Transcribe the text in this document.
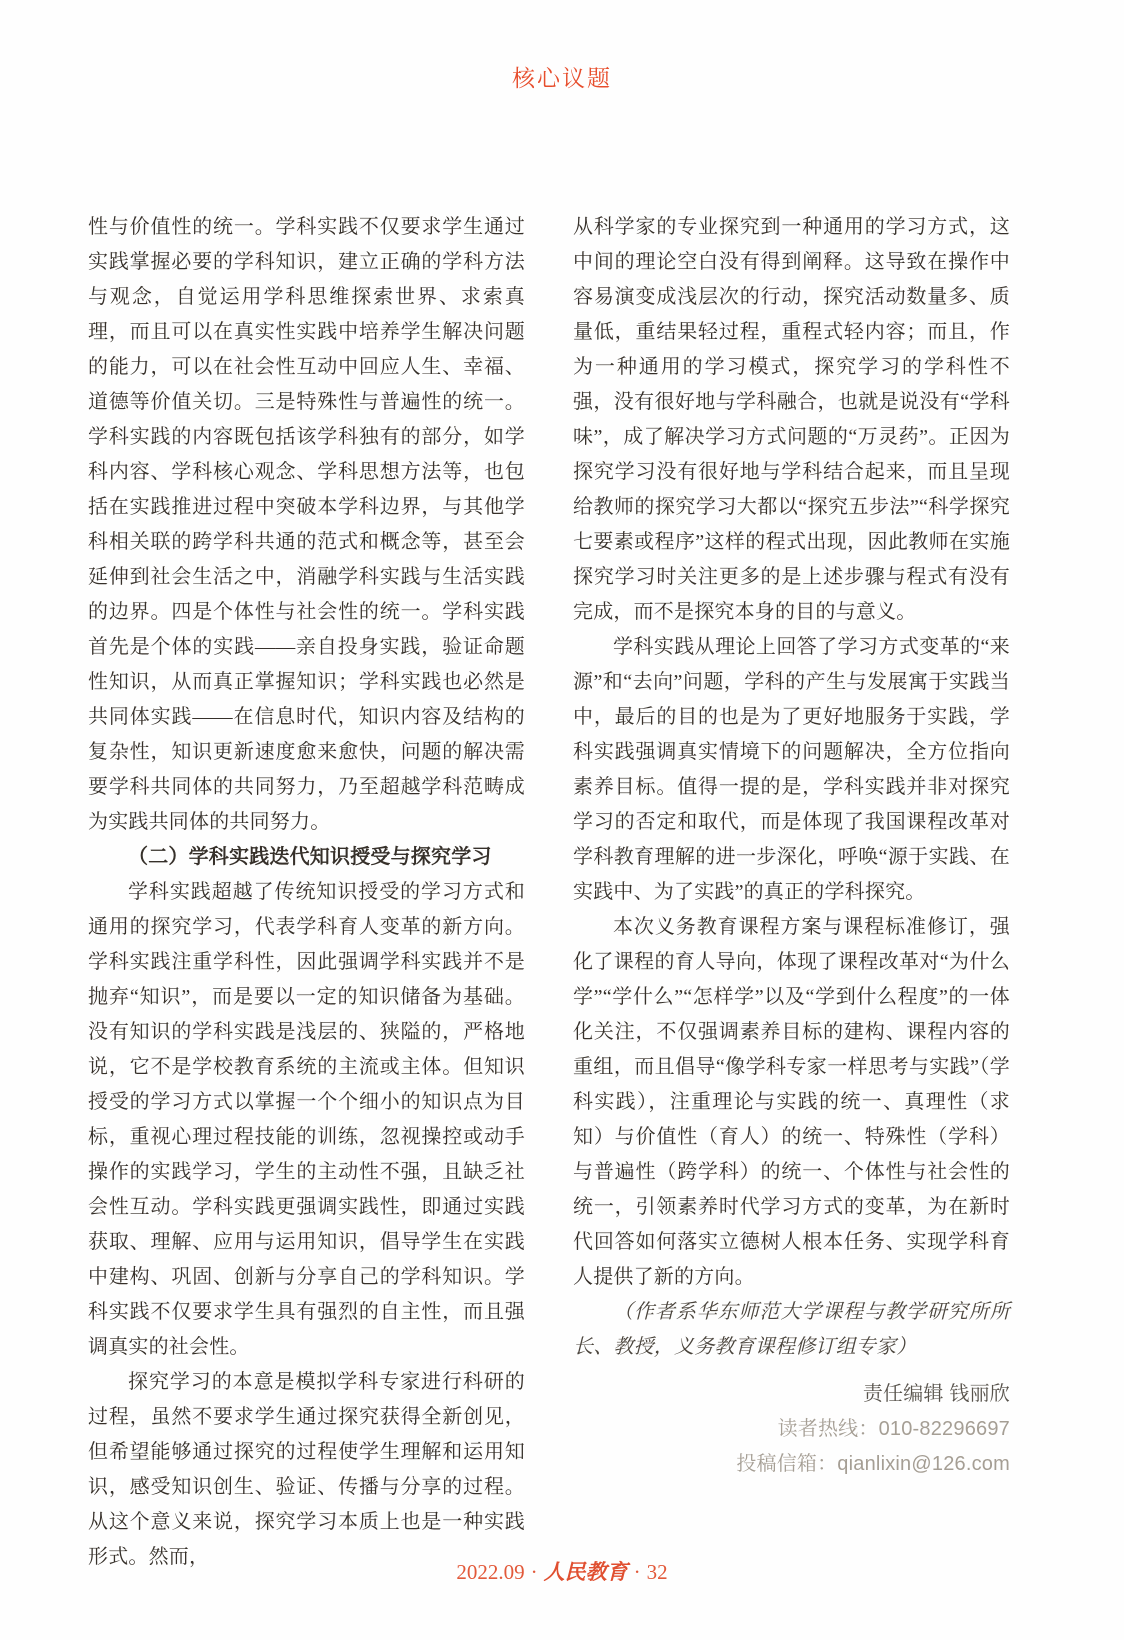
核心议题

性与价值性的统一。学科实践不仅要求学生通过实践掌握必要的学科知识，建立正确的学科方法与观念，自觉运用学科思维探索世界、求索真理，而且可以在真实性实践中培养学生解决问题的能力，可以在社会性互动中回应人生、幸福、道德等价值关切。三是特殊性与普遍性的统一。学科实践的内容既包括该学科独有的部分，如学科内容、学科核心观念、学科思想方法等，也包括在实践推进过程中突破本学科边界，与其他学科相关联的跨学科共通的范式和概念等，甚至会延伸到社会生活之中，消融学科实践与生活实践的边界。四是个体性与社会性的统一。学科实践首先是个体的实践——亲自投身实践，验证命题性知识，从而真正掌握知识；学科实践也必然是共同体实践——在信息时代，知识内容及结构的复杂性，知识更新速度愈来愈快，问题的解决需要学科共同体的共同努力，乃至超越学科范畴成为实践共同体的共同努力。

（二）学科实践迭代知识授受与探究学习

学科实践超越了传统知识授受的学习方式和通用的探究学习，代表学科育人变革的新方向。学科实践注重学科性，因此强调学科实践并不是抛弃“知识”，而是要以一定的知识储备为基础。没有知识的学科实践是浅层的、狭隘的，严格地说，它不是学校教育系统的主流或主体。但知识授受的学习方式以掌握一个个细小的知识点为目标，重视心理过程技能的训练，忽视操控或动手操作的实践学习，学生的主动性不强，且缺乏社会性互动。学科实践更强调实践性，即通过实践获取、理解、应用与运用知识，倡导学生在实践中建构、巩固、创新与分享自己的学科知识。学科实践不仅要求学生具有强烈的自主性，而且强调真实的社会性。

探究学习的本意是模拟学科专家进行科研的过程，虽然不要求学生通过探究获得全新创见，但希望能够通过探究的过程使学生理解和运用知识，感受知识创生、验证、传播与分享的过程。从这个意义来说，探究学习本质上也是一种实践形式。然而，

从科学家的专业探究到一种通用的学习方式，这中间的理论空白没有得到阐释。这导致在操作中容易演变成浅层次的行动，探究活动数量多、质量低，重结果轻过程，重程式轻内容；而且，作为一种通用的学习模式，探究学习的学科性不强，没有很好地与学科融合，也就是说没有“学科味”，成了解决学习方式问题的“万灵药”。正因为探究学习没有很好地与学科结合起来，而且呈现给教师的探究学习大都以“探究五步法”“科学探究七要素或程序”这样的程式出现，因此教师在实施探究学习时关注更多的是上述步骤与程式有没有完成，而不是探究本身的目的与意义。

学科实践从理论上回答了学习方式变革的“来源”和“去向”问题，学科的产生与发展寓于实践当中，最后的目的也是为了更好地服务于实践，学科实践强调真实情境下的问题解决，全方位指向素养目标。值得一提的是，学科实践并非对探究学习的否定和取代，而是体现了我国课程改革对学科教育理解的进一步深化，呼唤“源于实践、在实践中、为了实践”的真正的学科探究。

本次义务教育课程方案与课程标准修订，强化了课程的育人导向，体现了课程改革对“为什么学”“学什么”“怎样学”以及“学到什么程度”的一体化关注，不仅强调素养目标的建构、课程内容的重组，而且倡导“像学科专家一样思考与实践”（学科实践），注重理论与实践的统一、真理性（求知）与价值性（育人）的统一、特殊性（学科）与普遍性（跨学科）的统一、个体性与社会性的统一，引领素养时代学习方式的变革，为在新时代回答如何落实立德树人根本任务、实现学科育人提供了新的方向。

（作者系华东师范大学课程与教学研究所所长、教授，义务教育课程修订组专家）

责任编辑 钱丽欣

读者热线：010-82296697

投稿信箱：qianlixin@126.com

2022.09 · 人民教育 · 32
